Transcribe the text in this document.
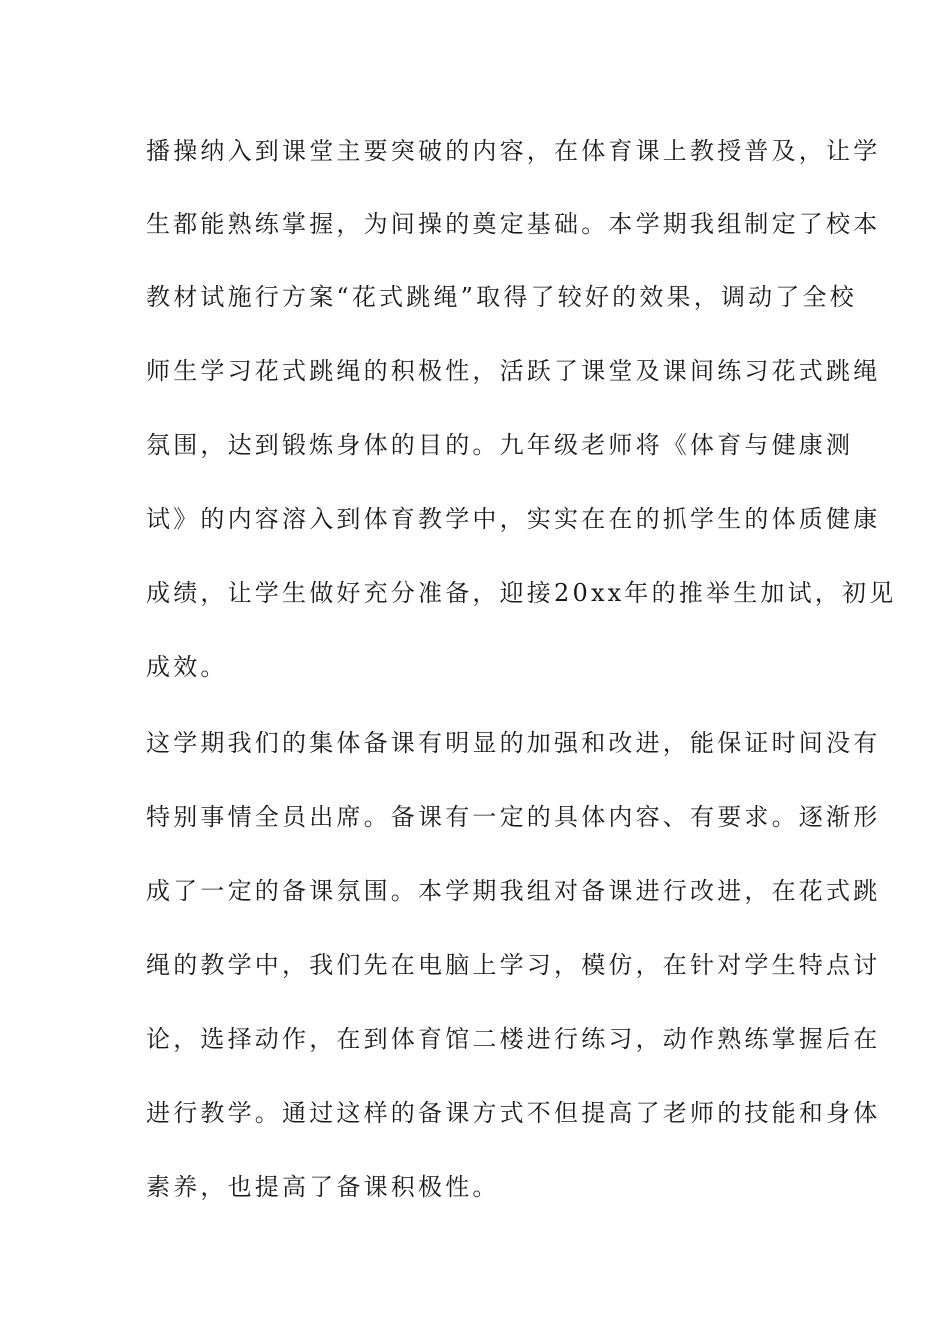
播操纳入到课堂主要突破的内容，在体育课上教授普及，让学
生都能熟练掌握，为间操的奠定基础。本学期我组制定了校本
教材试施行方案“花式跳绳”取得了较好的效果，调动了全校
师生学习花式跳绳的积极性，活跃了课堂及课间练习花式跳绳
氛围，达到锻炼身体的目的。九年级老师将《体育与健康测
试》的内容溶入到体育教学中，实实在在的抓学生的体质健康
成绩，让学生做好充分准备，迎接20xx年的推举生加试，初见
成效。
这学期我们的集体备课有明显的加强和改进，能保证时间没有
特别事情全员出席。备课有一定的具体内容、有要求。逐渐形
成了一定的备课氛围。本学期我组对备课进行改进，在花式跳
绳的教学中，我们先在电脑上学习，模仿，在针对学生特点讨
论，选择动作，在到体育馆二楼进行练习，动作熟练掌握后在
进行教学。通过这样的备课方式不但提高了老师的技能和身体
素养，也提高了备课积极性。
